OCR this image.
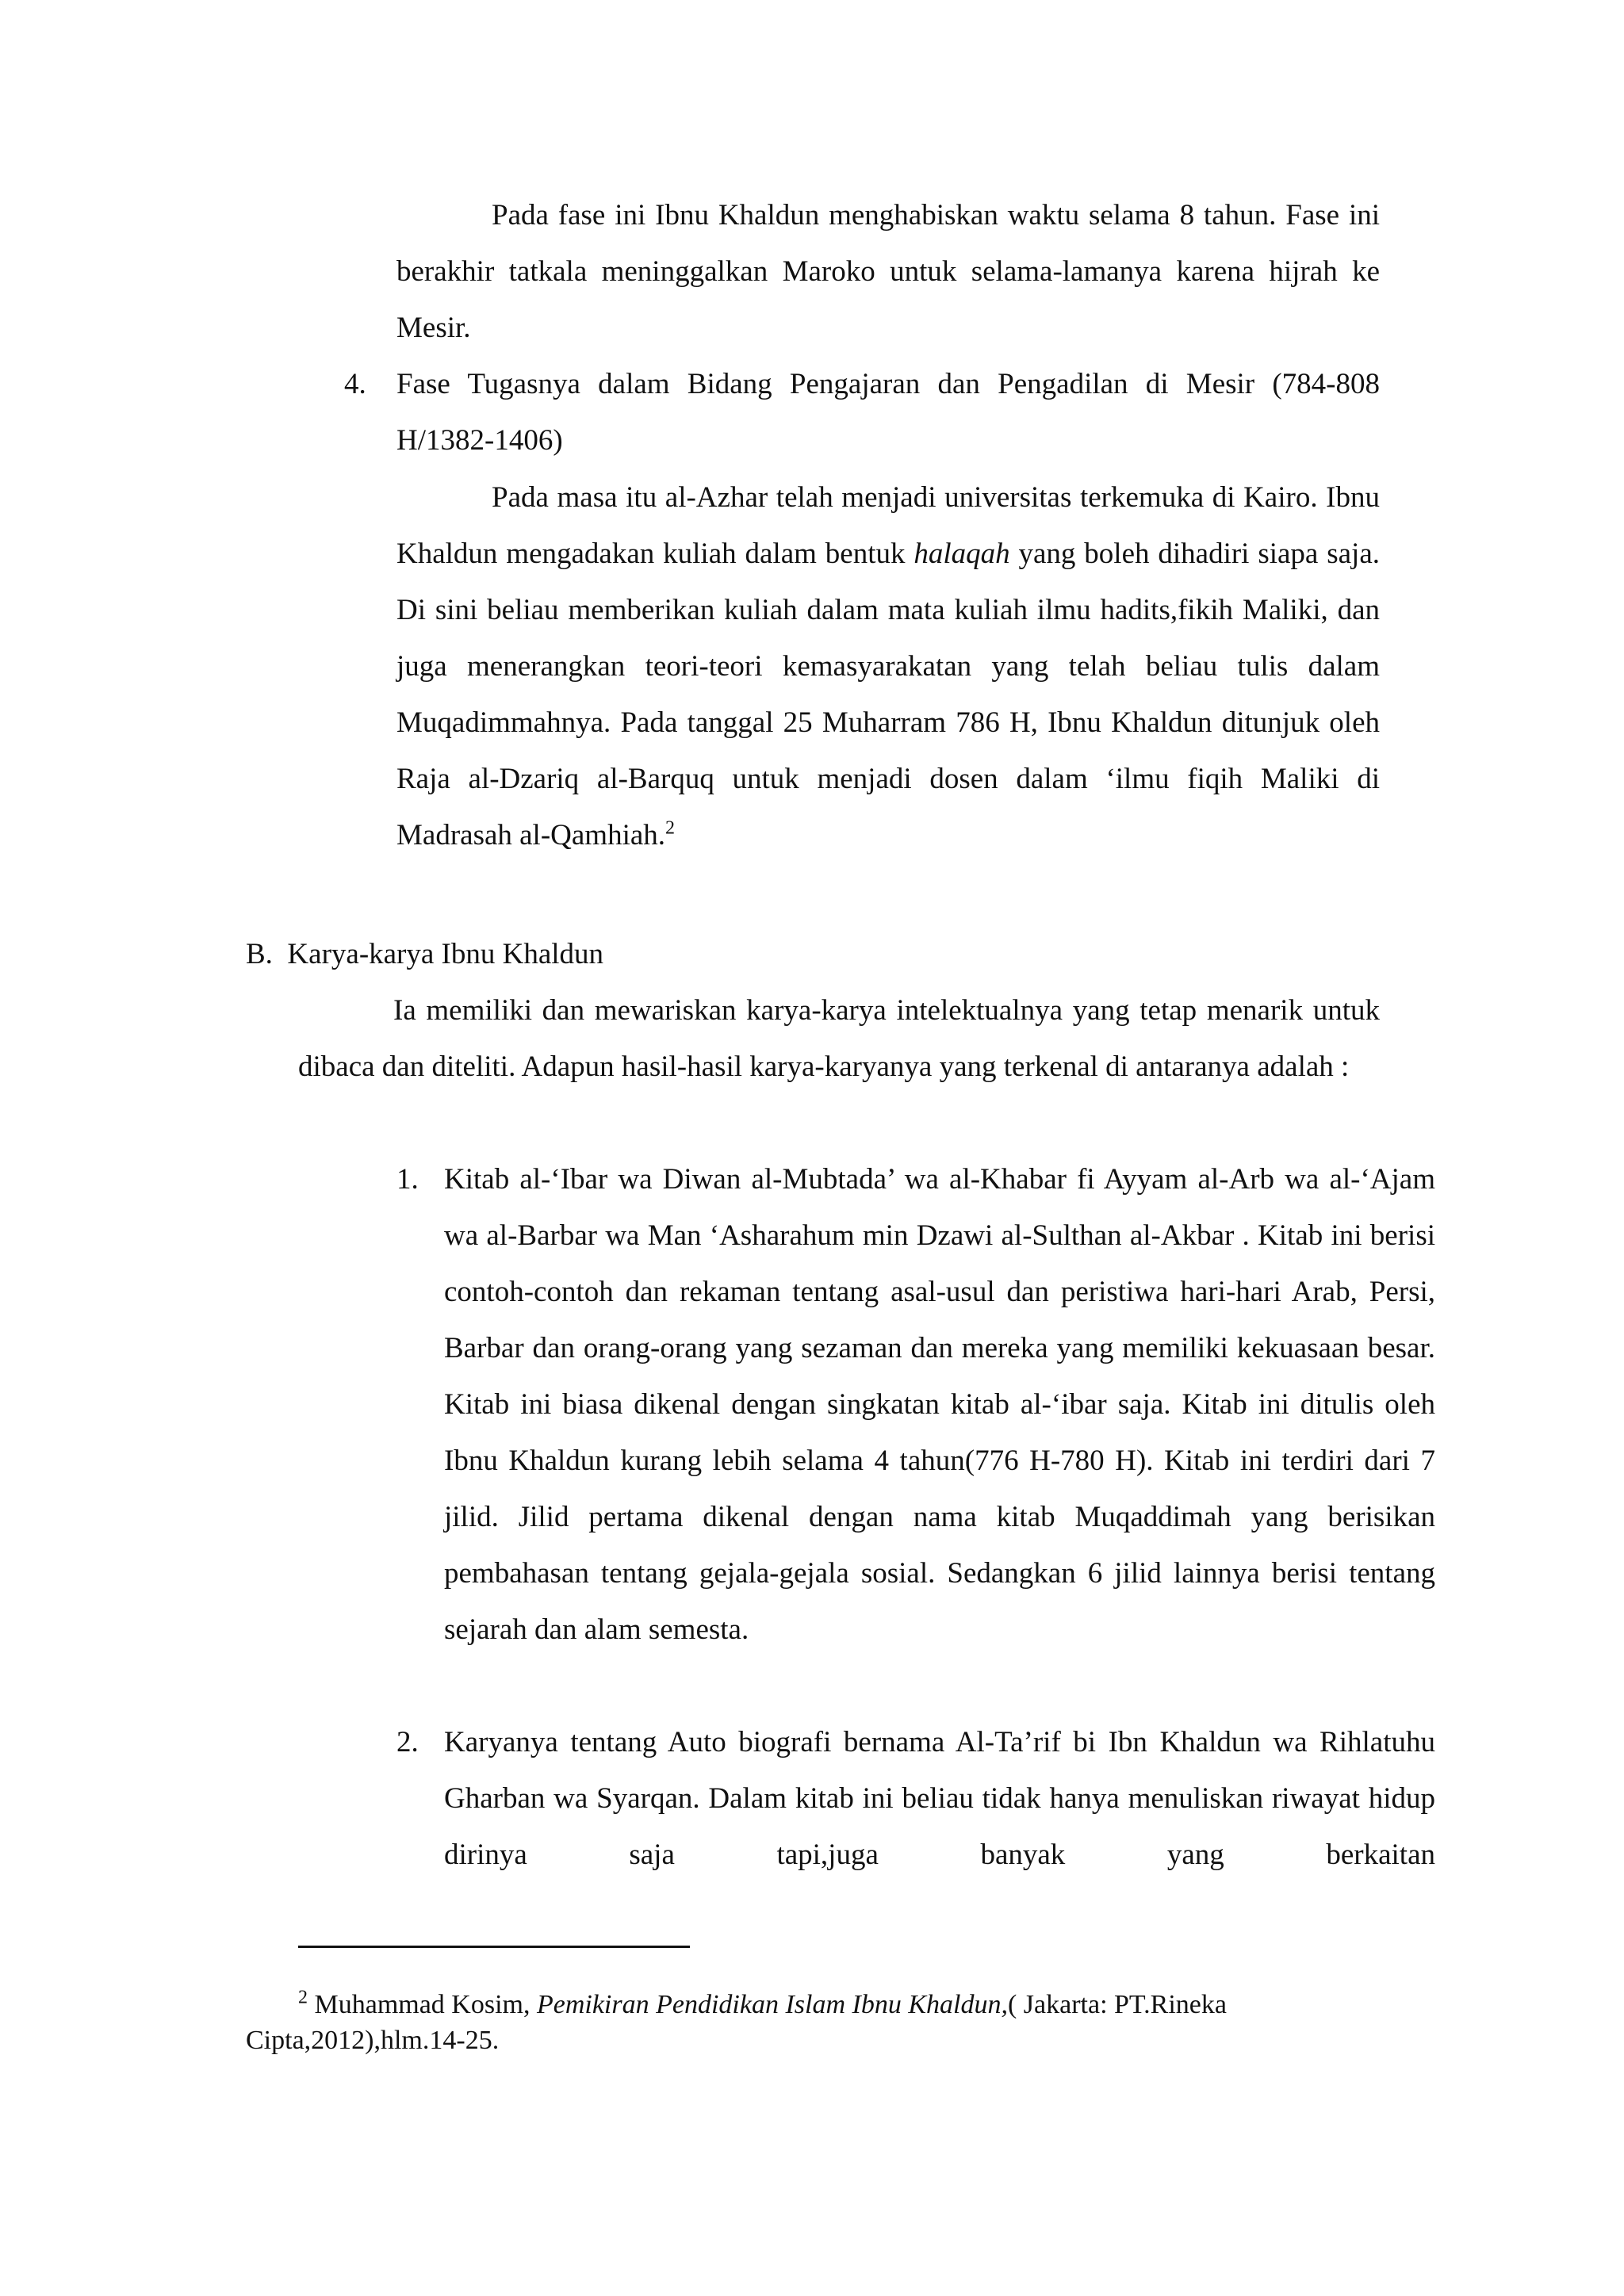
Pada fase ini Ibnu Khaldun menghabiskan waktu selama 8 tahun. Fase ini berakhir tatkala meninggalkan Maroko untuk selama-lamanya karena hijrah ke Mesir.

4. Fase Tugasnya dalam Bidang Pengajaran dan Pengadilan di Mesir (784-808 H/1382-1406)

Pada masa itu al-Azhar telah menjadi universitas terkemuka di Kairo. Ibnu Khaldun mengadakan kuliah dalam bentuk halaqah yang boleh dihadiri siapa saja. Di sini beliau memberikan kuliah dalam mata kuliah ilmu hadits,fikih Maliki, dan juga menerangkan teori-teori kemasyarakatan yang telah beliau tulis dalam Muqadimmahnya. Pada tanggal 25 Muharram 786 H, Ibnu Khaldun ditunjuk oleh Raja al-Dzariq al-Barquq untuk menjadi dosen dalam ‘ilmu fiqih Maliki di Madrasah al-Qamhiah.$^2$

B.  Karya-karya Ibnu Khaldun

Ia memiliki dan mewariskan karya-karya intelektualnya yang tetap menarik untuk dibaca dan diteliti. Adapun hasil-hasil karya-karyanya yang terkenal di antaranya adalah :

1. Kitab al-‘Ibar wa Diwan al-Mubtada’ wa al-Khabar fi Ayyam al-Arb wa al-‘Ajam wa al-Barbar wa Man ‘Asharahum min Dzawi al-Sulthan al-Akbar . Kitab ini berisi contoh-contoh dan rekaman tentang asal-usul dan peristiwa hari-hari Arab, Persi, Barbar dan orang-orang yang sezaman dan mereka yang memiliki kekuasaan besar. Kitab ini biasa dikenal dengan singkatan kitab al-‘ibar saja. Kitab ini ditulis oleh Ibnu Khaldun kurang lebih selama 4 tahun(776 H-780 H). Kitab ini terdiri dari 7 jilid. Jilid pertama dikenal dengan nama kitab Muqaddimah yang berisikan pembahasan tentang gejala-gejala sosial. Sedangkan 6 jilid lainnya berisi tentang sejarah dan alam semesta.

2. Karyanya tentang Auto biografi bernama Al-Ta’rif bi Ibn Khaldun wa Rihlatuhu Gharban wa Syarqan. Dalam kitab ini beliau tidak hanya menuliskan riwayat hidup dirinya saja tapi,juga banyak yang berkaitan

$^2$ Muhammad Kosim, Pemikiran Pendidikan Islam Ibnu Khaldun,( Jakarta: PT.Rineka Cipta,2012),hlm.14-25.
